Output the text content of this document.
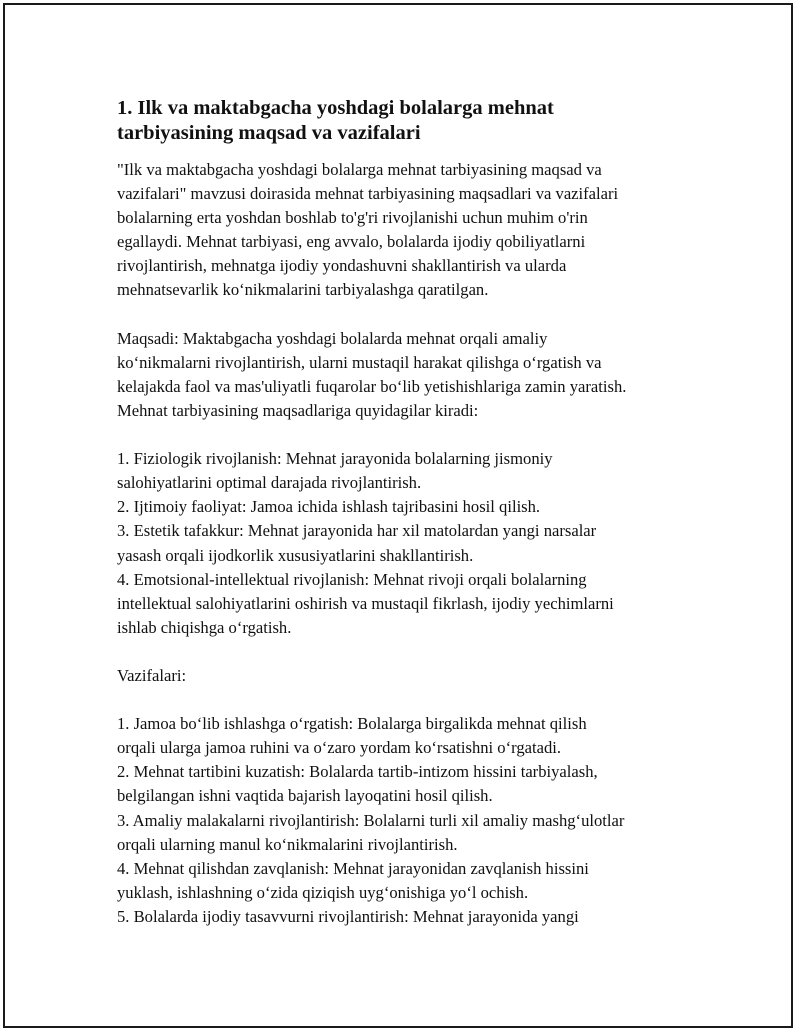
1. Ilk va maktabgacha yoshdagi bolalarga mehnat
tarbiyasining maqsad va vazifalari
"Ilk va maktabgacha yoshdagi bolalarga mehnat tarbiyasining maqsad va
vazifalari" mavzusi doirasida mehnat tarbiyasining maqsadlari va vazifalari
bolalarning erta yoshdan boshlab to'g'ri rivojlanishi uchun muhim o'rin
egallaydi. Mehnat tarbiyasi, eng avvalo, bolalarda ijodiy qobiliyatlarni
rivojlantirish, mehnatga ijodiy yondashuvni shakllantirish va ularda
mehnatsevarlik ko‘nikmalarini tarbiyalashga qaratilgan.
Maqsadi: Maktabgacha yoshdagi bolalarda mehnat orqali amaliy
ko‘nikmalarni rivojlantirish, ularni mustaqil harakat qilishga o‘rgatish va
kelajakda faol va mas'uliyatli fuqarolar bo‘lib yetishishlariga zamin yaratish.
Mehnat tarbiyasining maqsadlariga quyidagilar kiradi:
1. Fiziologik rivojlanish: Mehnat jarayonida bolalarning jismoniy
salohiyatlarini optimal darajada rivojlantirish.
2. Ijtimoiy faoliyat: Jamoa ichida ishlash tajribasini hosil qilish.
3. Estetik tafakkur: Mehnat jarayonida har xil matolardan yangi narsalar
yasash orqali ijodkorlik xususiyatlarini shakllantirish.
4. Emotsional-intellektual rivojlanish: Mehnat rivoji orqali bolalarning
intellektual salohiyatlarini oshirish va mustaqil fikrlash, ijodiy yechimlarni
ishlab chiqishga o‘rgatish.
Vazifalari:
1. Jamoa bo‘lib ishlashga o‘rgatish: Bolalarga birgalikda mehnat qilish
orqali ularga jamoa ruhini va o‘zaro yordam ko‘rsatishni o‘rgatadi.
2. Mehnat tartibini kuzatish: Bolalarda tartib-intizom hissini tarbiyalash,
belgilangan ishni vaqtida bajarish layoqatini hosil qilish.
3. Amaliy malakalarni rivojlantirish: Bolalarni turli xil amaliy mashg‘ulotlar
orqali ularning manul ko‘nikmalarini rivojlantirish.
4. Mehnat qilishdan zavqlanish: Mehnat jarayonidan zavqlanish hissini
yuklash, ishlashning o‘zida qiziqish uyg‘onishiga yo‘l ochish.
5. Bolalarda ijodiy tasavvurni rivojlantirish: Mehnat jarayonida yangi
